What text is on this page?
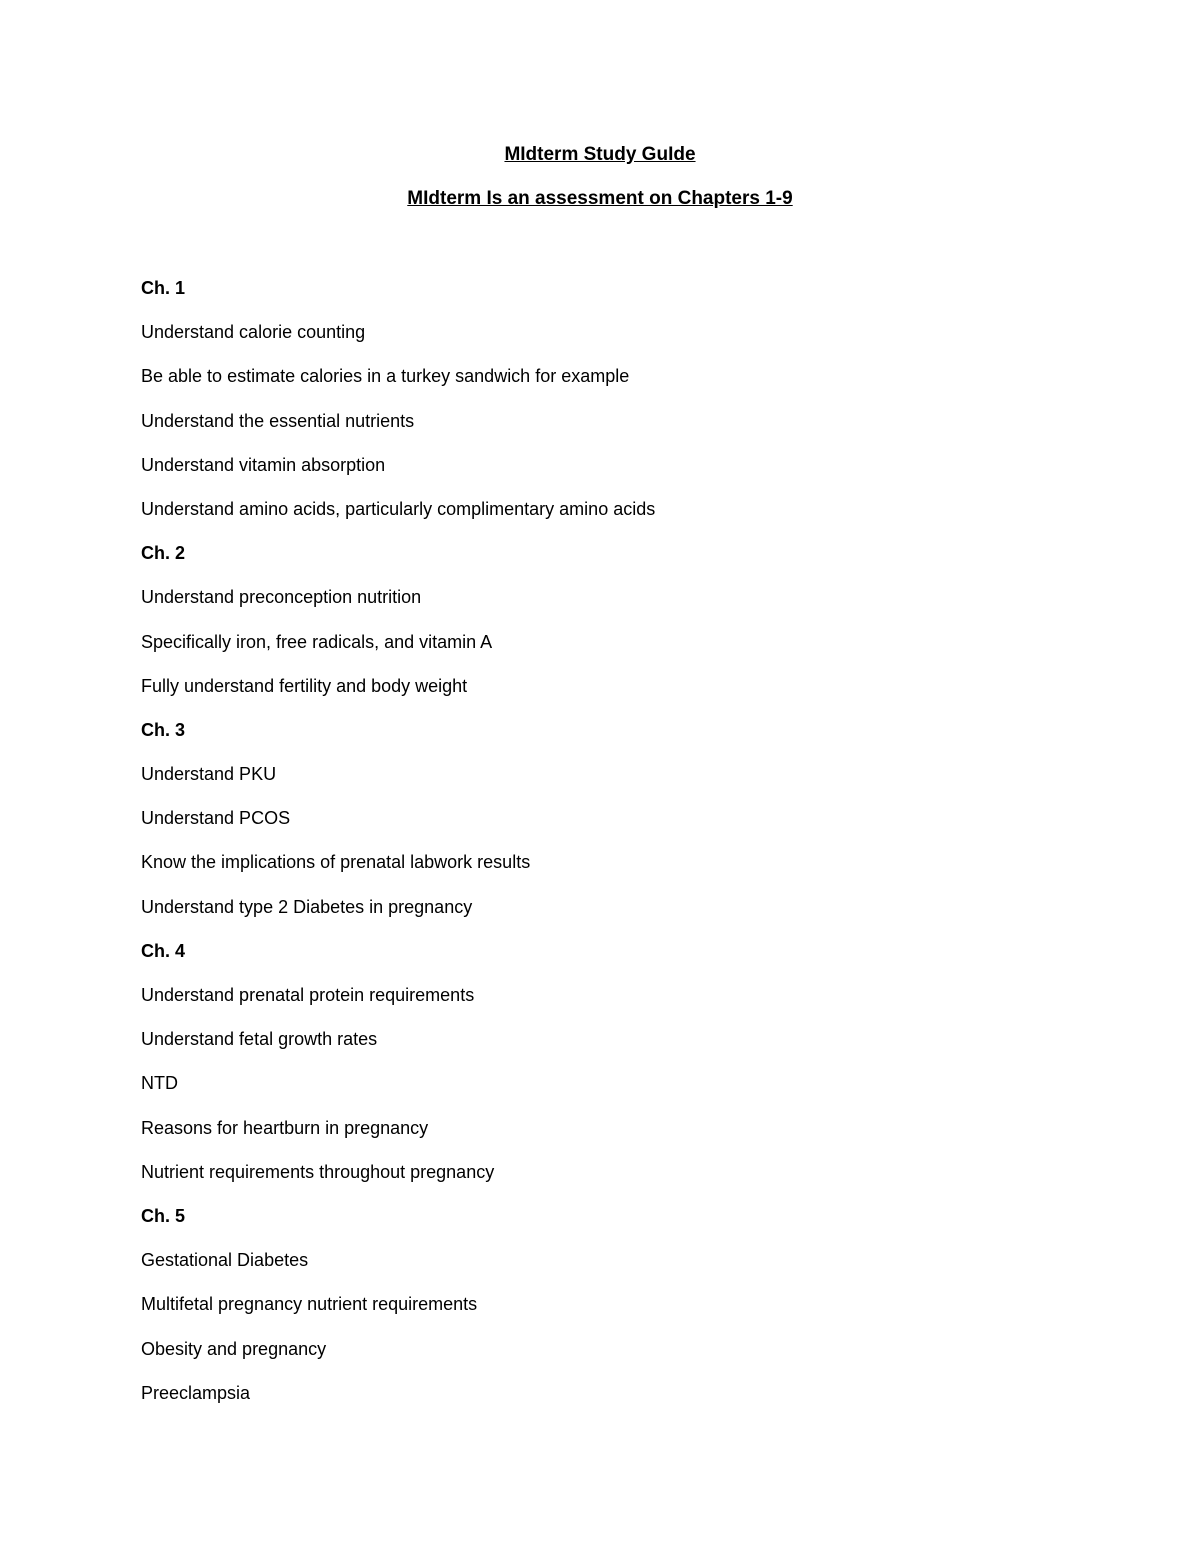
MIdterm Study GuIde
MIdterm Is an assessment on Chapters 1-9
Ch. 1
Understand calorie counting
Be able to estimate calories in a turkey sandwich for example
Understand the essential nutrients
Understand vitamin absorption
Understand amino acids, particularly complimentary amino acids
Ch. 2
Understand preconception nutrition
Specifically iron, free radicals, and vitamin A
Fully understand fertility and body weight
Ch. 3
Understand PKU
Understand PCOS
Know the implications of prenatal labwork results
Understand type 2 Diabetes in pregnancy
Ch. 4
Understand prenatal protein requirements
Understand fetal growth rates
NTD
Reasons for heartburn in pregnancy
Nutrient requirements throughout pregnancy
Ch. 5
Gestational Diabetes
Multifetal pregnancy nutrient requirements
Obesity and pregnancy
Preeclampsia
